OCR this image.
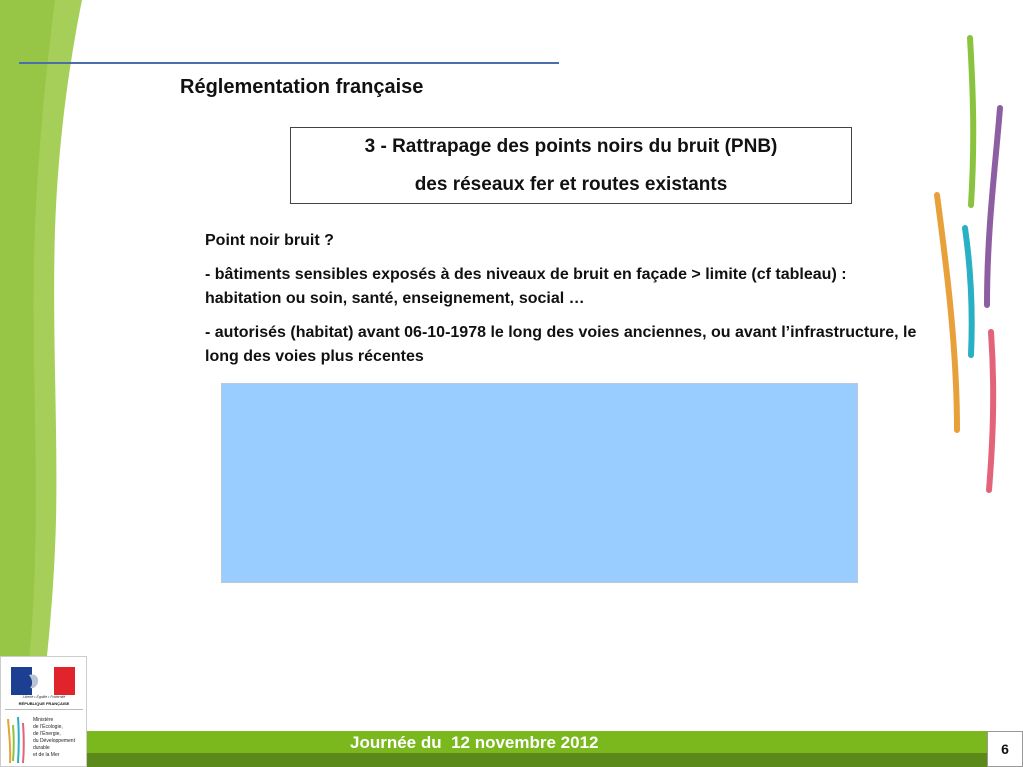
Réglementation française
3 - Rattrapage des points noirs du bruit (PNB)
des réseaux fer et routes existants

Point noir bruit ?

- bâtiments sensibles exposés à des niveaux de bruit en façade > limite (cf tableau) : habitation ou soin, santé, enseignement, social …

- autorisés (habitat) avant 06-10-1978 le long des voies anciennes, ou avant l’infrastructure, le long des voies plus récentes

Journée du  12 novembre 2012	6
Liberté • Égalité • Fraternité
RÉPUBLIQUE FRANÇAISE
Ministère
de l’Écologie,
de l’Énergie,
du Développement
durable
et de la Mer
